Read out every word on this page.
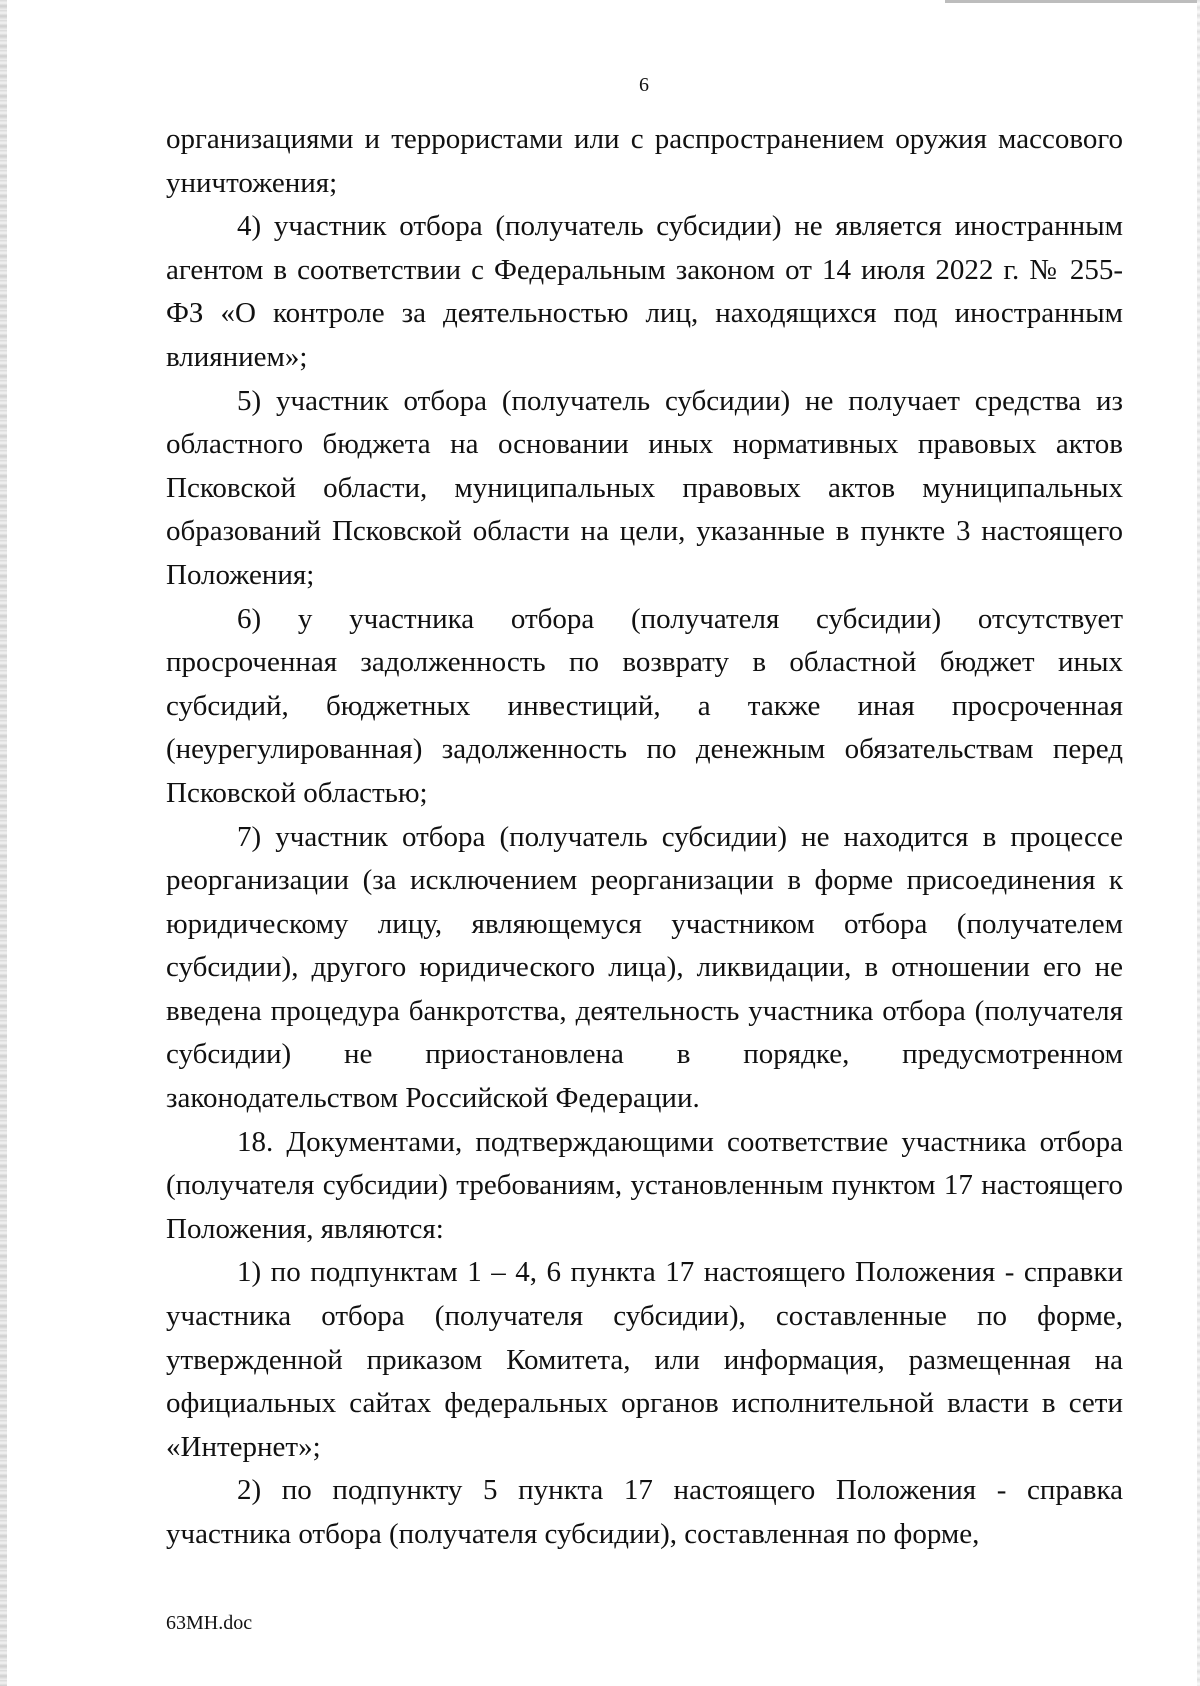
6

организациями и террористами или с распространением оружия массового уничтожения;

4) участник отбора (получатель субсидии) не является иностранным агентом в соответствии с Федеральным законом от 14 июля 2022 г. № 255-ФЗ «О контроле за деятельностью лиц, находящихся под иностранным влиянием»;

5) участник отбора (получатель субсидии) не получает средства из областного бюджета на основании иных нормативных правовых актов Псковской области, муниципальных правовых актов муниципальных образований Псковской области на цели, указанные в пункте 3 настоящего Положения;

6) у участника отбора (получателя субсидии) отсутствует просроченная задолженность по возврату в областной бюджет иных субсидий, бюджетных инвестиций, а также иная просроченная (неурегулированная) задолженность по денежным обязательствам перед Псковской областью;

7) участник отбора (получатель субсидии) не находится в процессе реорганизации (за исключением реорганизации в форме присоединения к юридическому лицу, являющемуся участником отбора (получателем субсидии), другого юридического лица), ликвидации, в отношении его не введена процедура банкротства, деятельность участника отбора (получателя субсидии) не приостановлена в порядке, предусмотренном законодательством Российской Федерации.

18. Документами, подтверждающими соответствие участника отбора (получателя субсидии) требованиям, установленным пунктом 17 настоящего Положения, являются:

1) по подпунктам 1 – 4, 6 пункта 17 настоящего Положения - справки участника отбора (получателя субсидии), составленные по форме, утвержденной приказом Комитета, или информация, размещенная на официальных сайтах федеральных органов исполнительной власти в сети «Интернет»;

2) по подпункту 5 пункта 17 настоящего Положения - справка участника отбора (получателя субсидии), составленная по форме,

63МН.doc
